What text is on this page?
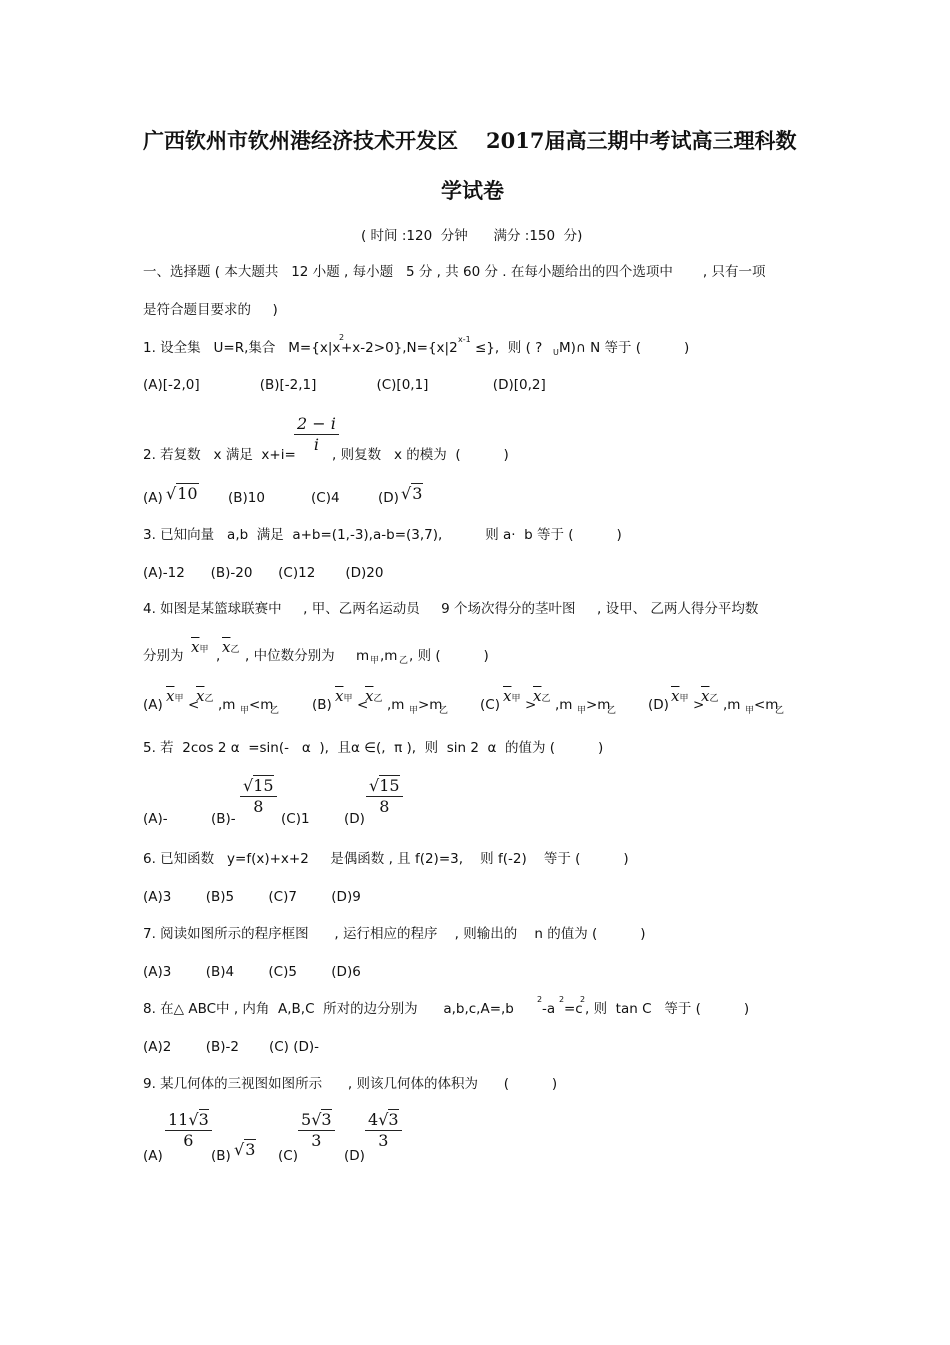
广西钦州市钦州港经济技术开发区 2017届高三期中考试高三理科数
学试卷
( 时间 :120  分钟      满分 :150  分)
一、选择题 ( 本大题共   12 小题 , 每小题   5 分 , 共 60 分 . 在每小题给出的四个选项中       , 只有一项
是符合题目要求的     )
1. 设全集   U=R,集合   M={x|x
2
+x-2>0},N={x|2
x-1
≤},  则 ( ? U M)∩ N 等于 (          )
(A)[-2,0]              (B)[-2,1]              (C)[0,1]               (D)[0,2]
2. 若复数   x 满足  x+i=
$\frac{2 - i}{i}$
, 则复数   x 的模为  (          )
(A) √10 (B)10	(C)4	(D) √3
3. 已知向量   a,b  满足  a+b=(1,-3),a-b=(3,7),          则 a·  b 等于 (          )
(A)-12      (B)-20      (C)12       (D)20
4. 如图是某篮球联赛中     , 甲、乙两名运动员     9 个场次得分的茎叶图     , 设甲、 乙两人得分平均数
分别为 $\overline{x}$甲 , $\overline{x}$乙 , 中位数分别为     m 甲 ,m 乙 , 则 (          )
(A) $\overline{x}$甲 <
$\overline{x}$乙 ,m 甲 <m
乙 (B) $\overline{x}$甲 <
$\overline{x}$乙 ,m 甲 >m
乙 (C) $\overline{x}$甲 >
$\overline{x}$乙 ,m 甲 >m
乙 (D) $\overline{x}$甲 >
$\overline{x}$乙 ,m 甲 <m
乙
5. 若  2cos 2 α  =sin(-   α  ),  且α ∈(,  π ),  则  sin 2  α  的值为 (          )
(A)-	(B)-
$\frac{√15}{8}$
(C)1	(D)
$\frac{√15}{8}$
6. 已知函数   y=f(x)+x+2     是偶函数 , 且 f(2)=3,    则 f(-2)    等于 (          )
(A)3        (B)5        (C)7        (D)9
7. 阅读如图所示的程序框图      , 运行相应的程序    , 则输出的    n 的值为 (          )
(A)3        (B)4        (C)5        (D)6
8. 在△ ABC中 , 内角  A,B,C  所对的边分别为      a,b,c,A=,b
2
-a
2
=c
2
, 则  tan C   等于 (          )
(A)2        (B)-2       (C) (D)-
9. 某几何体的三视图如图所示      , 则该几何体的体积为      (          )
(A)
$\frac{11√3}{6}$
(B) √3 (C)
$\frac{5√3}{3}$
(D)
$\frac{4√3}{3}$
